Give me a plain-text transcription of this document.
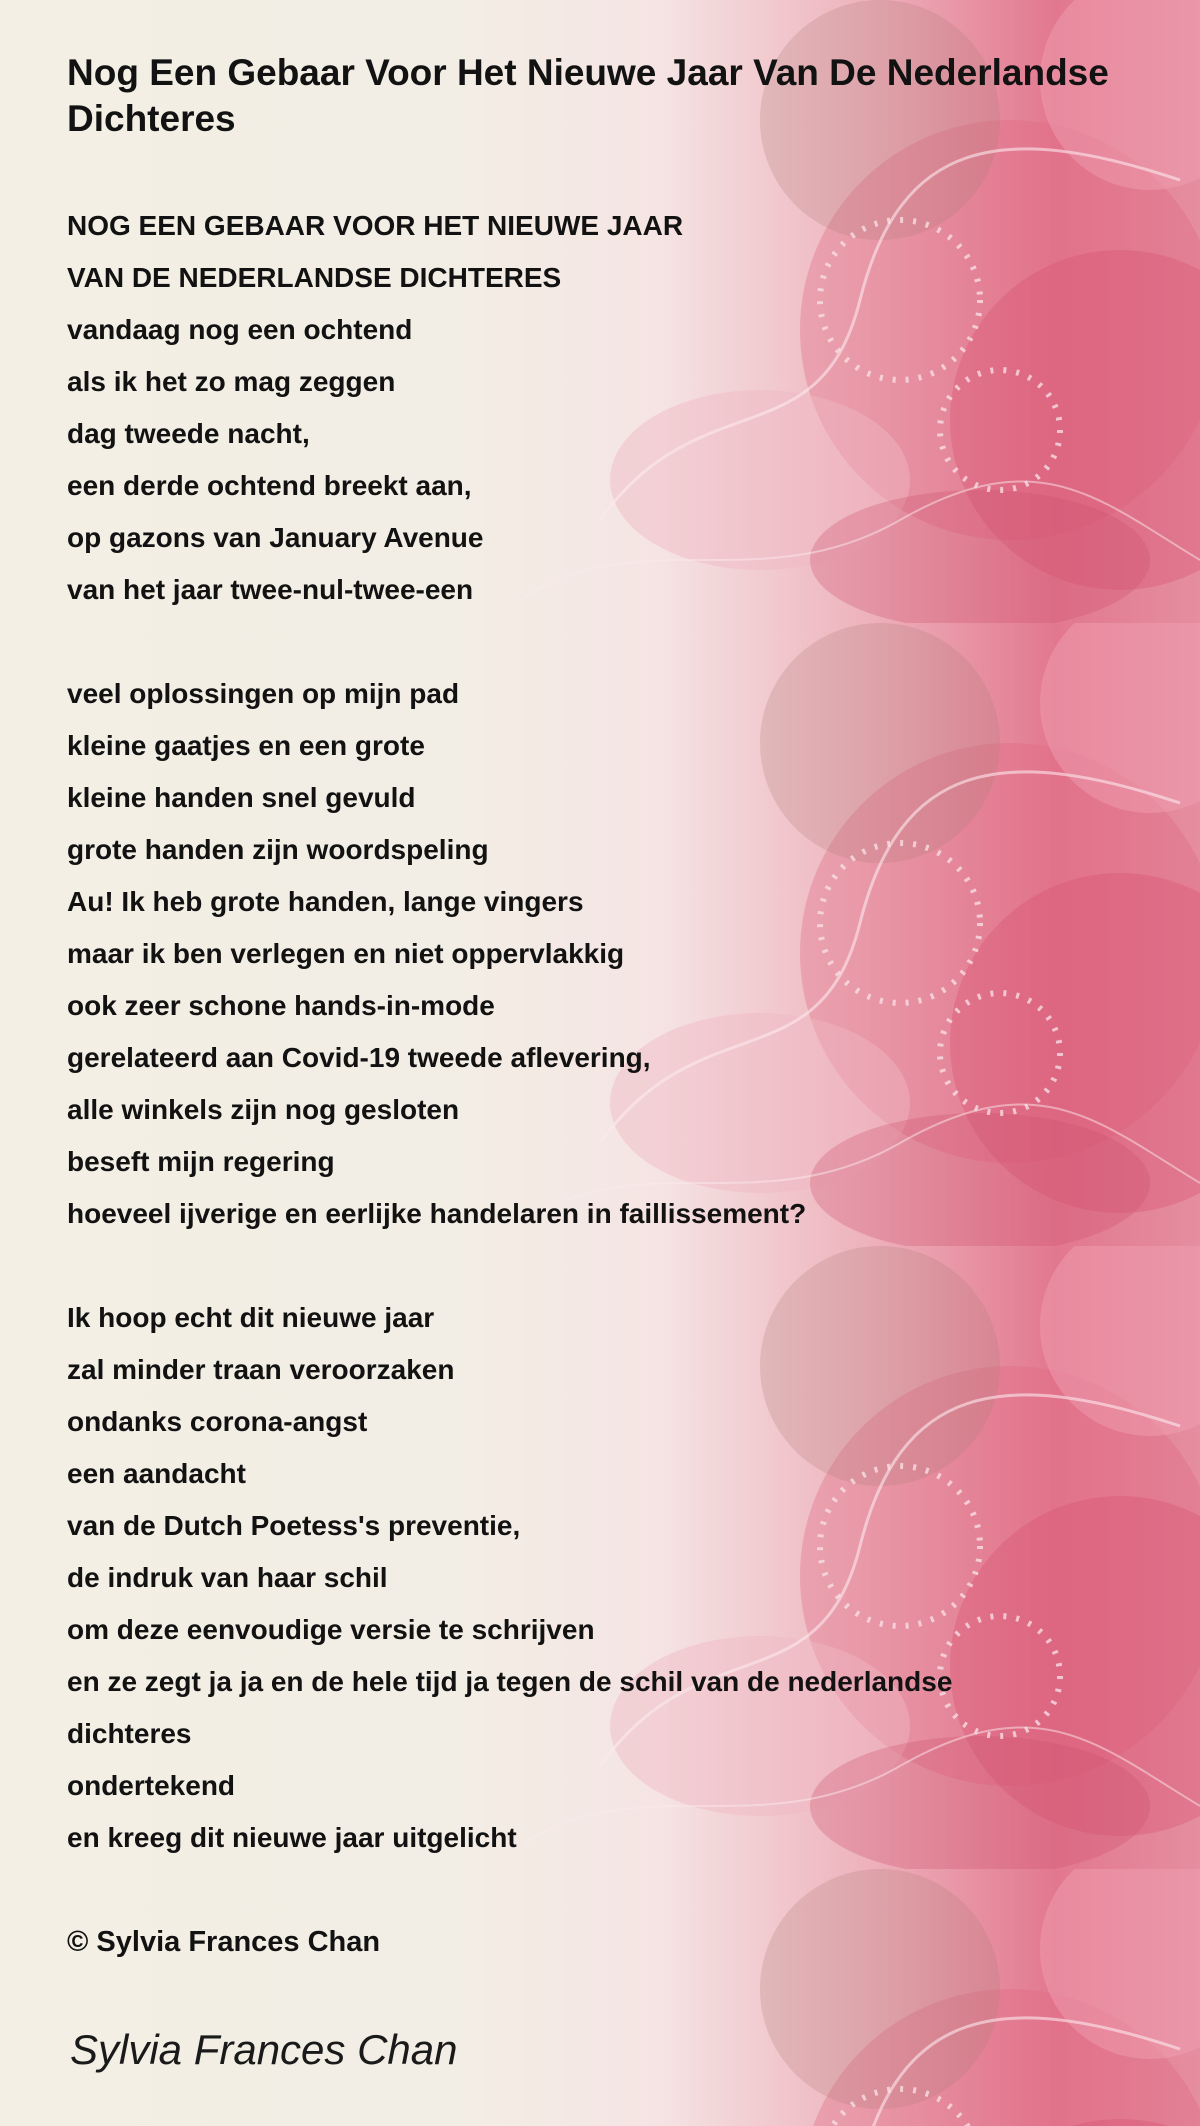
Nog Een Gebaar Voor Het Nieuwe Jaar Van De Nederlandse Dichteres
NOG EEN GEBAAR VOOR HET NIEUWE JAAR
VAN DE NEDERLANDSE DICHTERES
vandaag nog een ochtend
als ik het zo mag zeggen
dag tweede nacht,
een derde ochtend breekt aan,
op gazons van January Avenue
van het jaar twee-nul-twee-een
veel oplossingen op mijn pad
kleine gaatjes en een grote
kleine handen snel gevuld
grote handen zijn woordspeling
Au! Ik heb grote handen, lange vingers
maar ik ben verlegen en niet oppervlakkig
ook zeer schone hands-in-mode
gerelateerd aan Covid-19 tweede aflevering,
alle winkels zijn nog gesloten
beseft mijn regering
hoeveel ijverige en eerlijke handelaren in faillissement?
Ik hoop echt dit nieuwe jaar
zal minder traan veroorzaken
ondanks corona-angst
een aandacht
van de Dutch Poetess's preventie,
de indruk van haar schil
om deze eenvoudige versie te schrijven
en ze zegt ja ja en de hele tijd ja tegen de schil van de nederlandse
dichteres
ondertekend
en kreeg dit nieuwe jaar uitgelicht
© Sylvia Frances Chan
Sylvia Frances Chan
